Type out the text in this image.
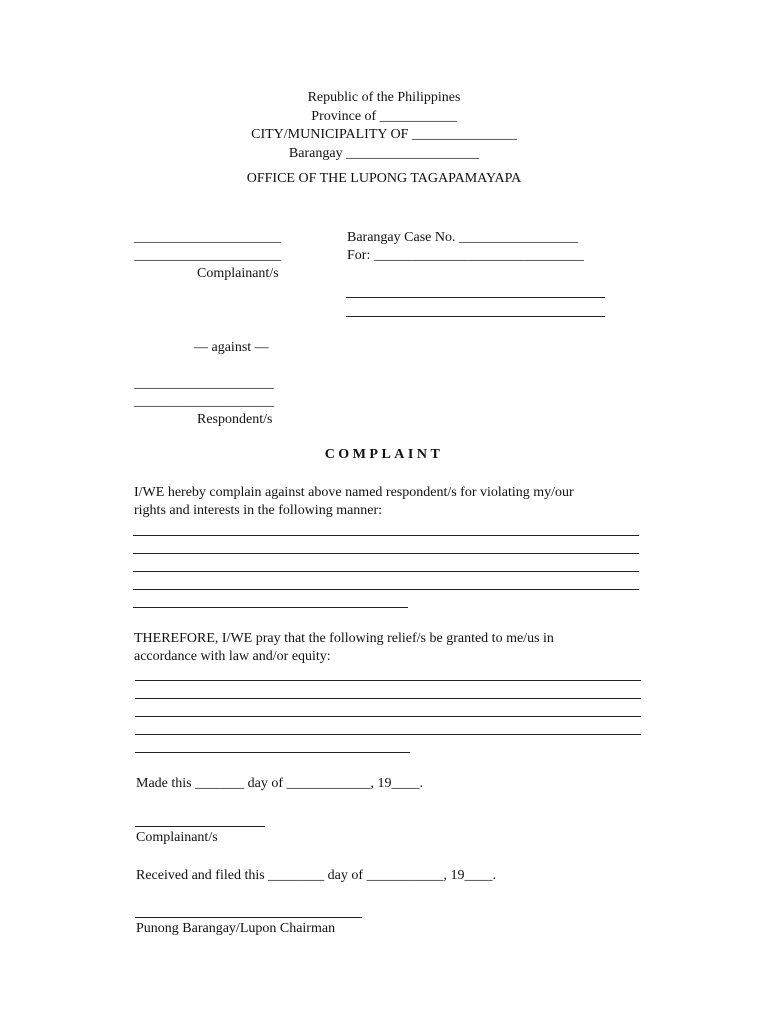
Republic of the Philippines

Province of ___________

CITY/MUNICIPALITY OF _______________

Barangay ___________________

OFFICE OF THE LUPONG TAGAPAMAYAPA

_____________________

_____________________

Complainant/s

Barangay Case No. _________________

For: ______________________________

— against —

____________________

____________________

Respondent/s

COMPLAINT

I/WE hereby complain against above named respondent/s for violating my/our

rights and interests in the following manner:

THEREFORE, I/WE pray that the following relief/s be granted to me/us in

accordance with law and/or equity:

Made this _______ day of ____________, 19____.

Complainant/s

Received and filed this ________ day of ___________, 19____.

Punong Barangay/Lupon Chairman
